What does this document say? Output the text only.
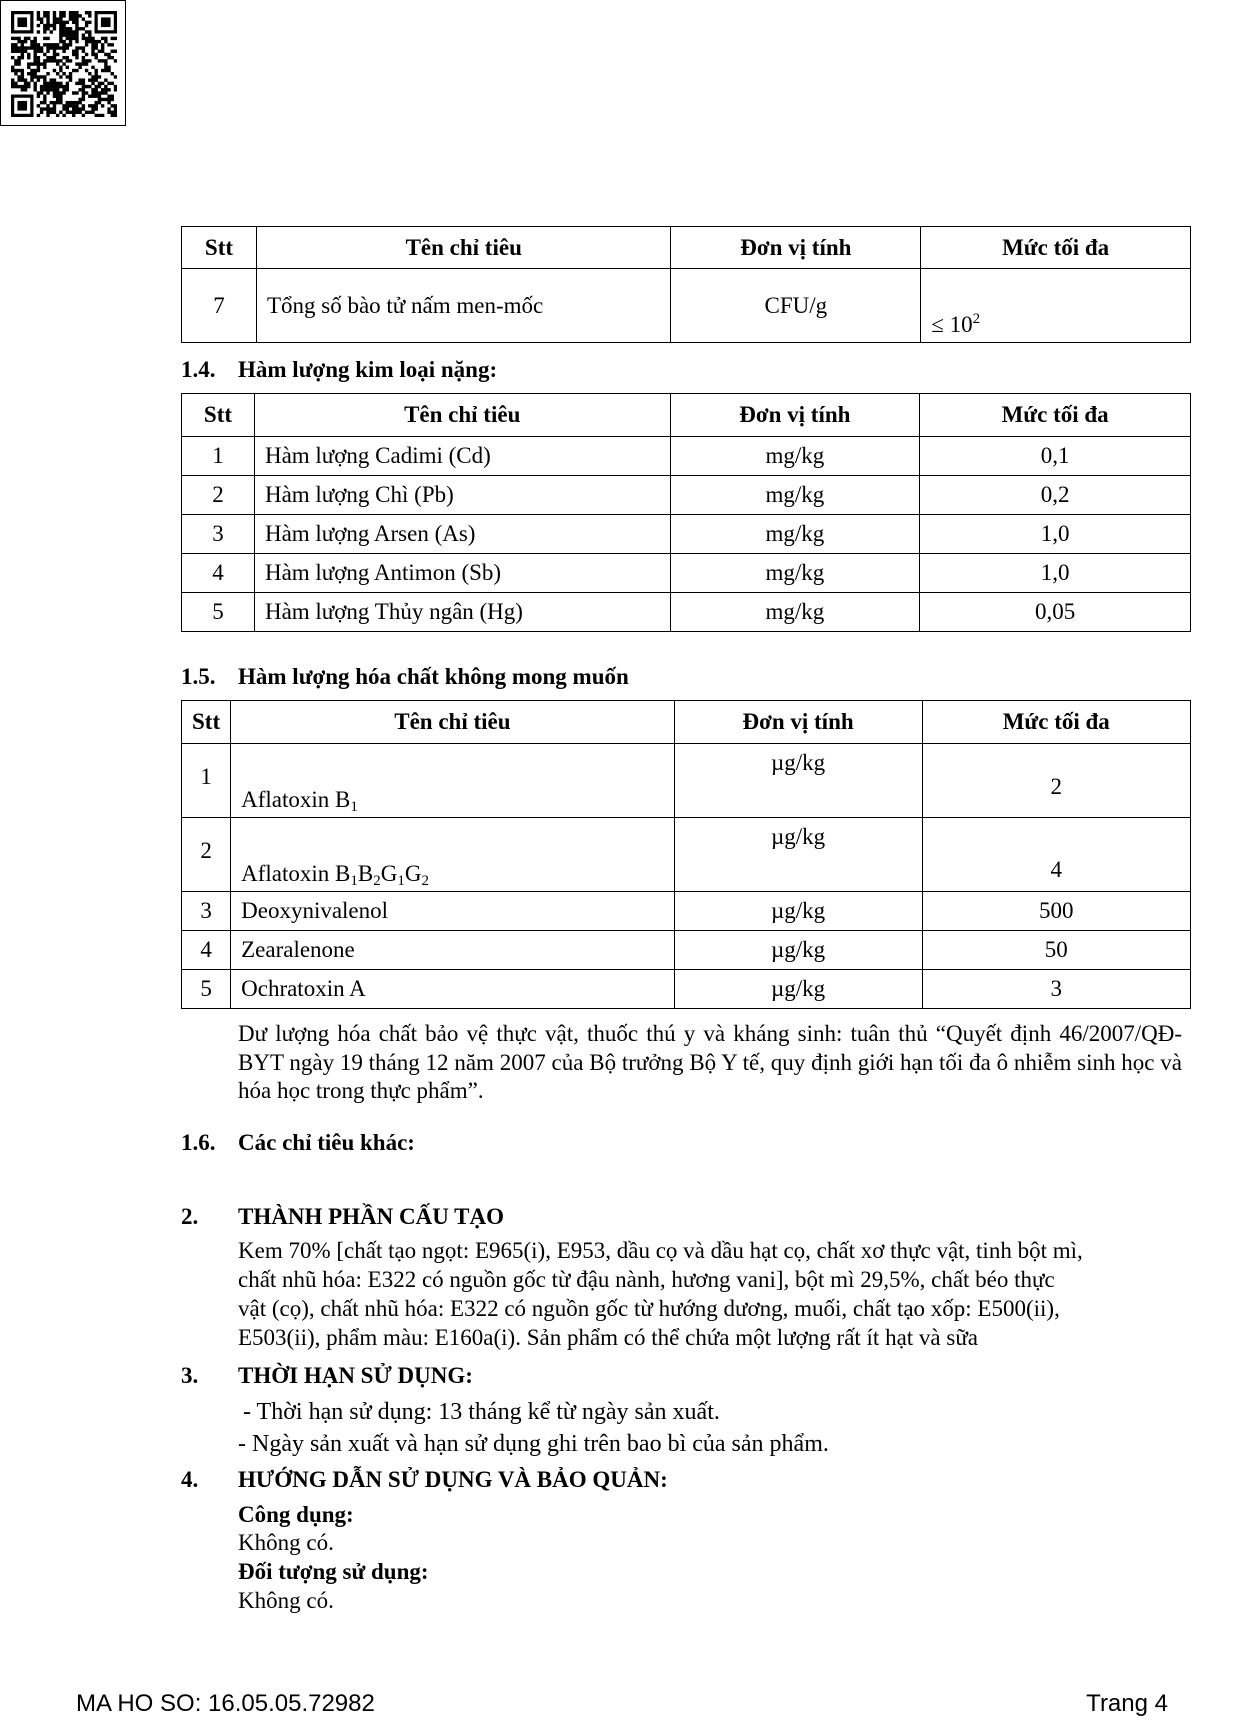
Stt	Tên chỉ tiêu	Đơn vị tính	Mức tối đa
7	Tổng số bào tử nấm men-mốc	CFU/g	≤ $10^2$
1.4. Hàm lượng kim loại nặng:
Stt	Tên chỉ tiêu	Đơn vị tính	Mức tối đa
1	Hàm lượng Cadimi (Cd)	mg/kg	0,1
2	Hàm lượng Chì (Pb)	mg/kg	0,2
3	Hàm lượng Arsen (As)	mg/kg	1,0
4	Hàm lượng Antimon (Sb)	mg/kg	1,0
5	Hàm lượng Thủy ngân (Hg)	mg/kg	0,05
1.5. Hàm lượng hóa chất không mong muốn
Stt	Tên chỉ tiêu	Đơn vị tính	Mức tối đa
1	Aflatoxin $B_1$	µg/kg	2
2	Aflatoxin $B_1B_2G_1G_2$	µg/kg	4
3	Deoxynivalenol	µg/kg	500
4	Zearalenone	µg/kg	50
5	Ochratoxin A	µg/kg	3
Dư lượng hóa chất bảo vệ thực vật, thuốc thú y và kháng sinh: tuân thủ “Quyết định 46/2007/QĐ-BYT ngày 19 tháng 12 năm 2007 của Bộ trưởng Bộ Y tế, quy định giới hạn tối đa ô nhiễm sinh học và hóa học trong thực phẩm”.
1.6. Các chỉ tiêu khác:
2. THÀNH PHẦN CẤU TẠO
Kem 70% [chất tạo ngọt: E965(i), E953, dầu cọ và dầu hạt cọ, chất xơ thực vật, tinh bột mì,
chất nhũ hóa: E322 có nguồn gốc từ đậu nành, hương vani], bột mì 29,5%, chất béo thực
vật (cọ), chất nhũ hóa: E322 có nguồn gốc từ hướng dương, muối, chất tạo xốp: E500(ii),
E503(ii), phẩm màu: E160a(i). Sản phẩm có thể chứa một lượng rất ít hạt và sữa
3. THỜI HẠN SỬ DỤNG:
- Thời hạn sử dụng: 13 tháng kể từ ngày sản xuất.
- Ngày sản xuất và hạn sử dụng ghi trên bao bì của sản phẩm.
4. HƯỚNG DẪN SỬ DỤNG VÀ BẢO QUẢN:
Công dụng:
Không có.
Đối tượng sử dụng:
Không có.
MA HO SO: 16.05.05.72982	Trang 4
